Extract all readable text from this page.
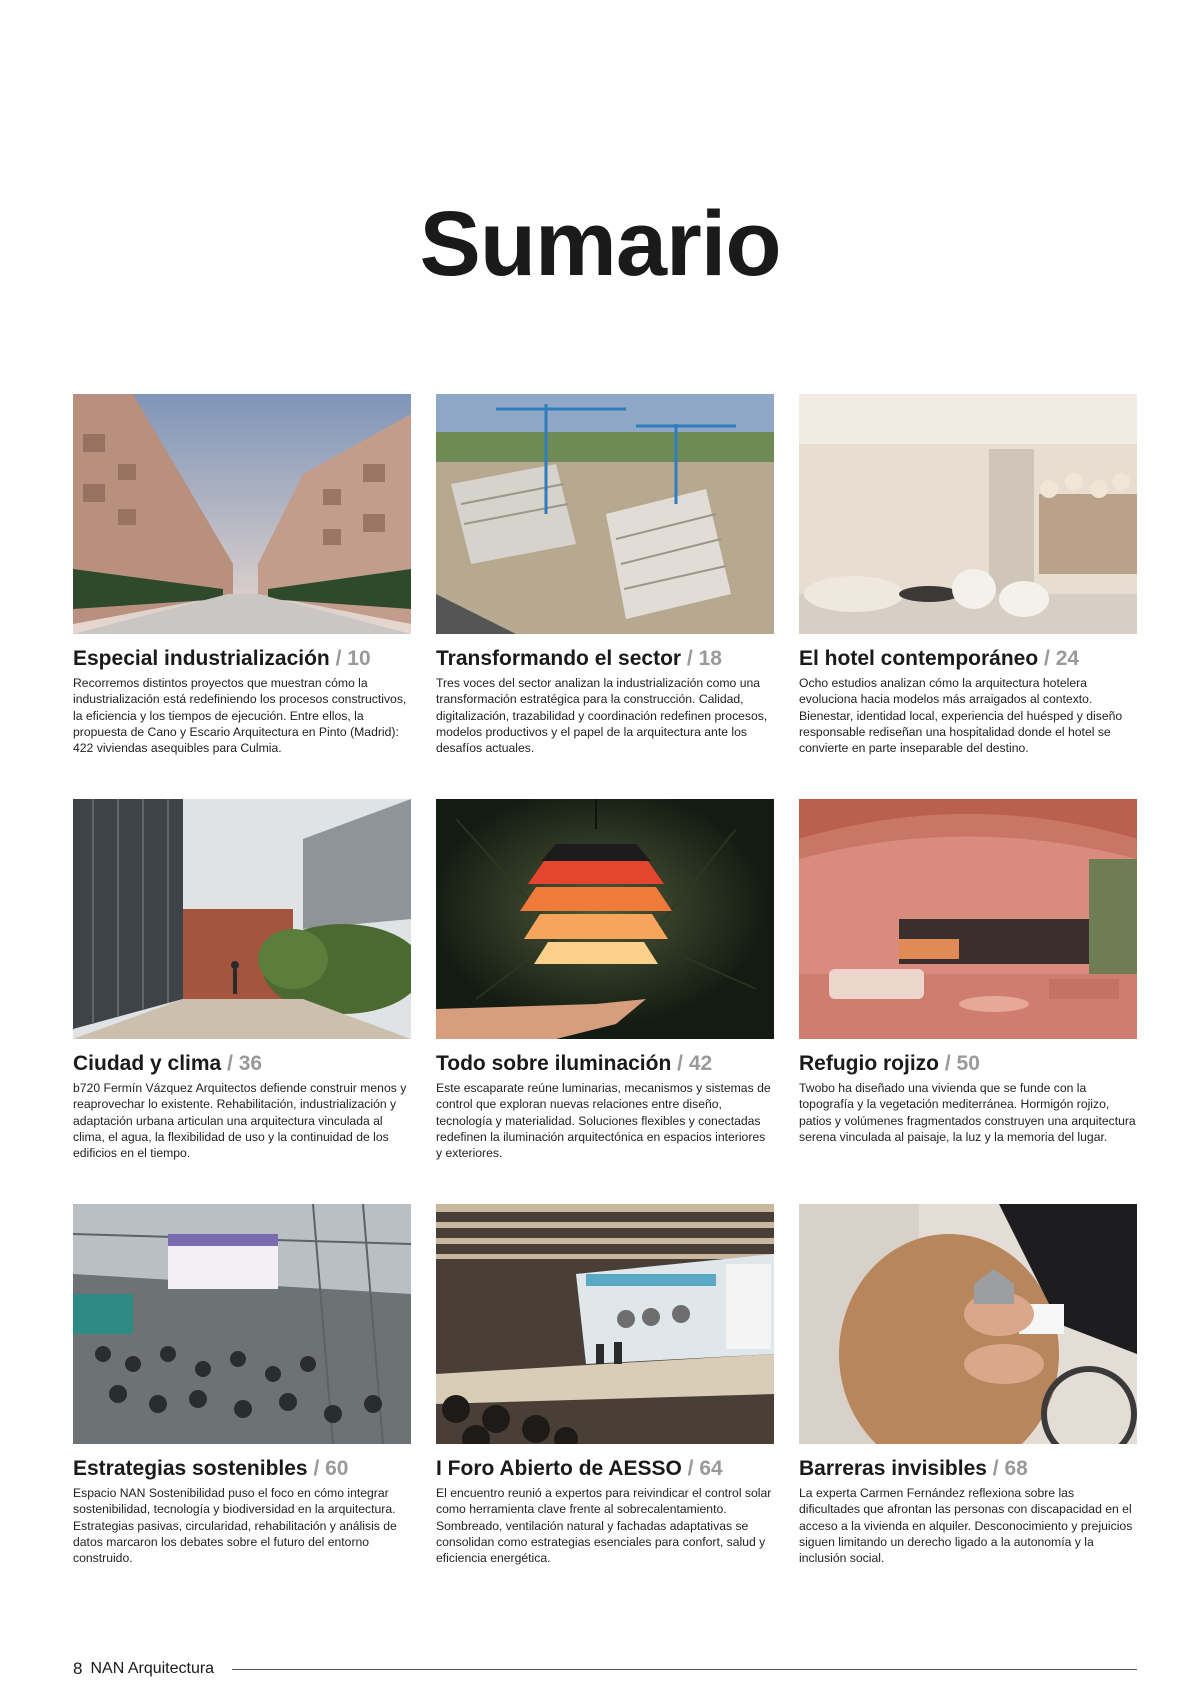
Sumario
Especial industrialización / 10
Recorremos distintos proyectos que muestran cómo la industrialización está redefiniendo los procesos constructivos, la eficiencia y los tiempos de ejecución. Entre ellos, la propuesta de Cano y Escario Arquitectura en Pinto (Madrid): 422 viviendas asequibles para Culmia.
Transformando el sector / 18
Tres voces del sector analizan la industrialización como una transformación estratégica para la construcción. Calidad, digitalización, trazabilidad y coordinación redefinen procesos, modelos productivos y el papel de la arquitectura ante los desafíos actuales.
El hotel contemporáneo / 24
Ocho estudios analizan cómo la arquitectura hotelera evoluciona hacia modelos más arraigados al contexto. Bienestar, identidad local, experiencia del huésped y diseño responsable rediseñan una hospitalidad donde el hotel se convierte en parte inseparable del destino.
Ciudad y clima / 36
b720 Fermín Vázquez Arquitectos defiende construir menos y reaprovechar lo existente. Rehabilitación, industrialización y adaptación urbana articulan una arquitectura vinculada al clima, el agua, la flexibilidad de uso y la continuidad de los edificios en el tiempo.
Todo sobre iluminación / 42
Este escaparate reúne luminarias, mecanismos y sistemas de control que exploran nuevas relaciones entre diseño, tecnología y materialidad. Soluciones flexibles y conectadas redefinen la iluminación arquitectónica en espacios interiores y exteriores.
Refugio rojizo / 50
Twobo ha diseñado una vivienda que se funde con la topografía y la vegetación mediterránea. Hormigón rojizo, patios y volúmenes fragmentados construyen una arquitectura serena vinculada al paisaje, la luz y la memoria del lugar.
Estrategias sostenibles / 60
Espacio NAN Sostenibilidad puso el foco en cómo integrar sostenibilidad, tecnología y biodiversidad en la arquitectura. Estrategias pasivas, circularidad, rehabilitación y análisis de datos marcaron los debates sobre el futuro del entorno construido.
I Foro Abierto de AESSO / 64
El encuentro reunió a expertos para reivindicar el control solar como herramienta clave frente al sobrecalentamiento. Sombreado, ventilación natural y fachadas adaptativas se consolidan como estrategias esenciales para confort, salud y eficiencia energética.
Barreras invisibles / 68
La experta Carmen Fernández reflexiona sobre las dificultades que afrontan las personas con discapacidad en el acceso a la vivienda en alquiler. Desconocimiento y prejuicios siguen limitando un derecho ligado a la autonomía y la inclusión social.
8 NAN Arquitectura
